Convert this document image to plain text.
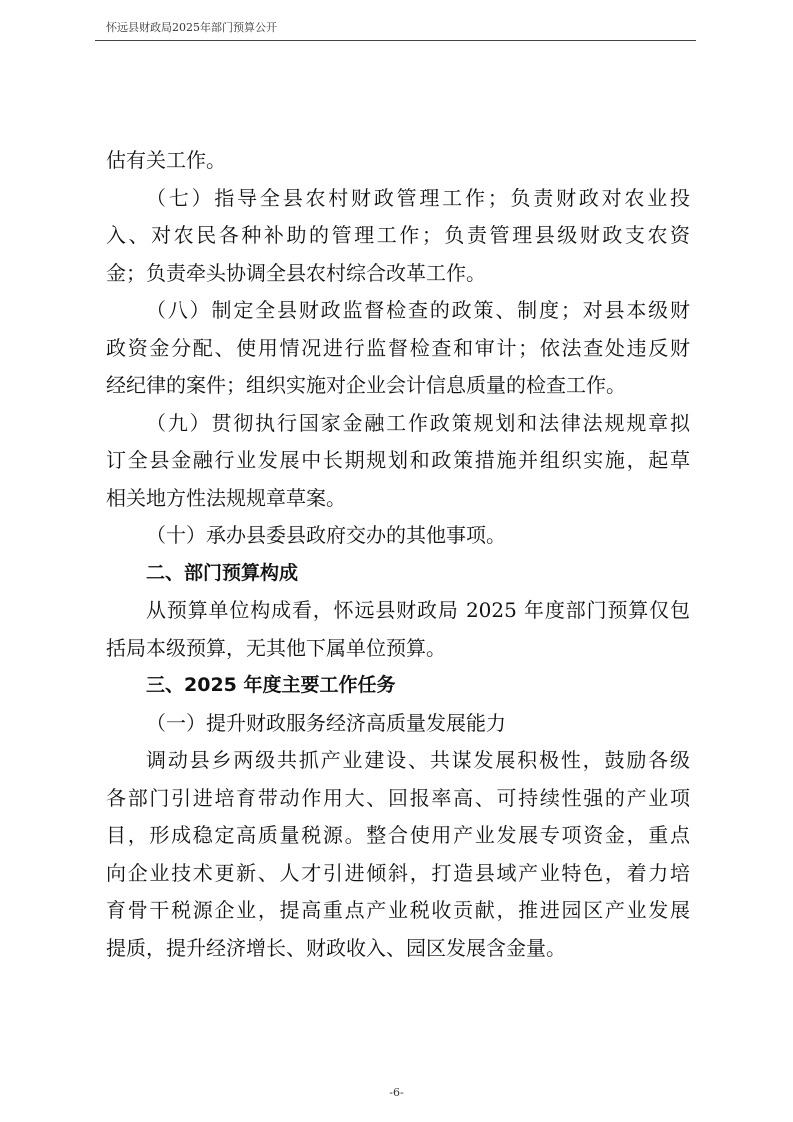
怀远县财政局2025年部门预算公开
估有关工作。
（七）指导全县农村财政管理工作；负责财政对农业投
入、对农民各种补助的管理工作；负责管理县级财政支农资
金；负责牵头协调全县农村综合改革工作。
（八）制定全县财政监督检查的政策、制度；对县本级财
政资金分配、使用情况进行监督检查和审计；依法查处违反财
经纪律的案件；组织实施对企业会计信息质量的检查工作。
（九）贯彻执行国家金融工作政策规划和法律法规规章拟
订全县金融行业发展中长期规划和政策措施并组织实施，起草
相关地方性法规规章草案。
（十）承办县委县政府交办的其他事项。
二、部门预算构成
从预算单位构成看，怀远县财政局 2025 年度部门预算仅包
括局本级预算，无其他下属单位预算。
三、2025 年度主要工作任务
（一）提升财政服务经济高质量发展能力
调动县乡两级共抓产业建设、共谋发展积极性，鼓励各级
各部门引进培育带动作用大、回报率高、可持续性强的产业项
目，形成稳定高质量税源。整合使用产业发展专项资金，重点
向企业技术更新、人才引进倾斜，打造县域产业特色，着力培
育骨干税源企业，提高重点产业税收贡献，推进园区产业发展
提质，提升经济增长、财政收入、园区发展含金量。
-6-
